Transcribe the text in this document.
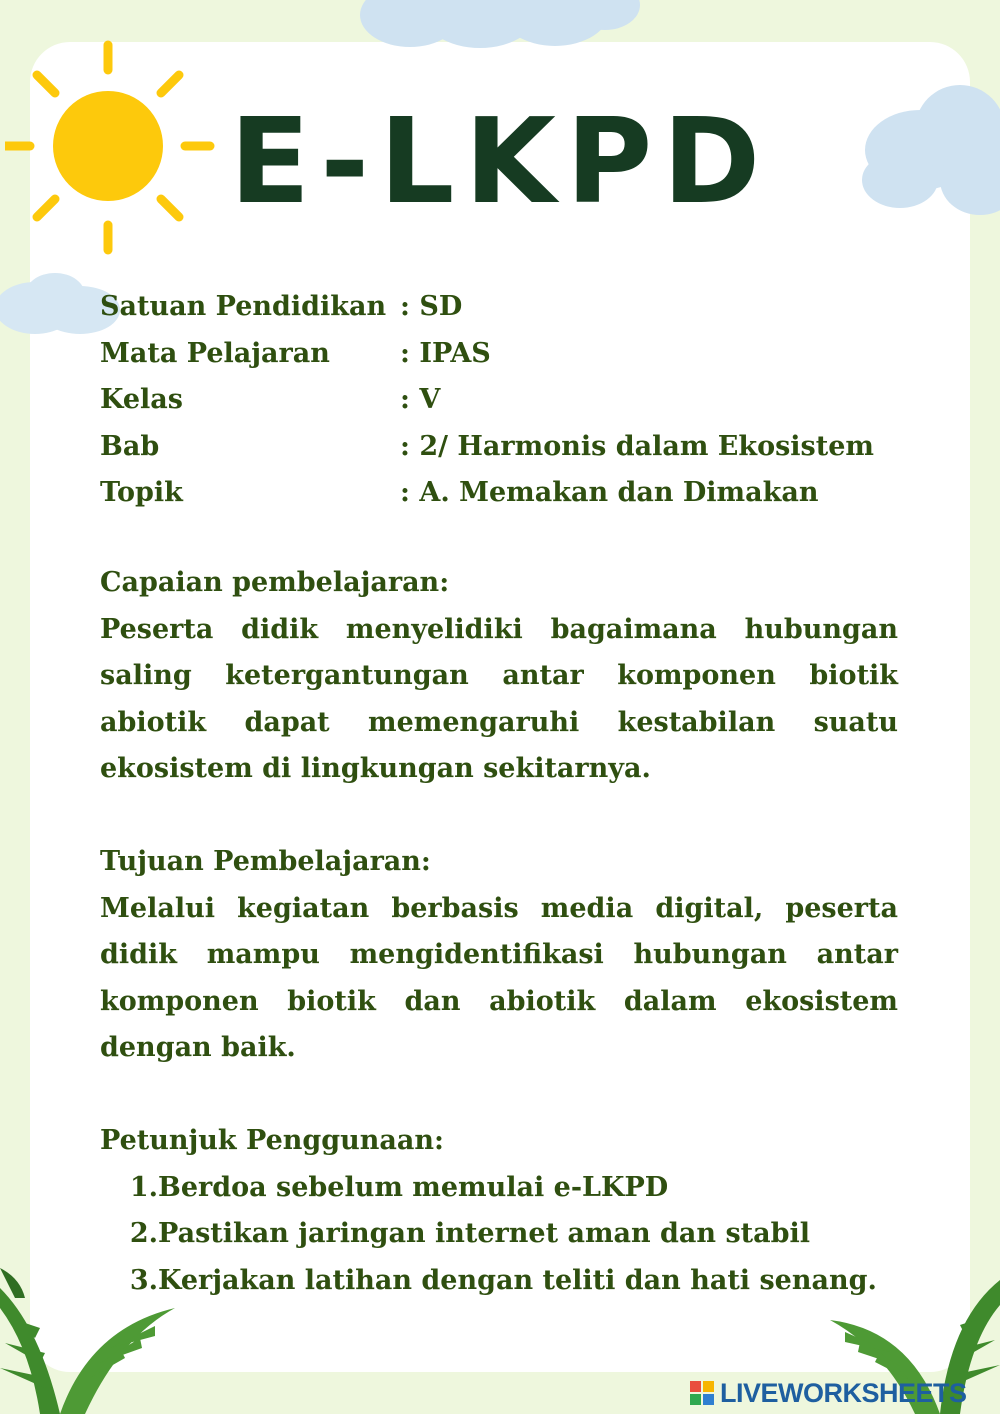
E-LKPD
Satuan Pendidikan : SD
Mata Pelajaran	: IPAS
Kelas	: V
Bab	: 2/ Harmonis dalam Ekosistem
Topik	: A. Memakan dan Dimakan
Capaian pembelajaran:
Peserta didik menyelidiki bagaimana hubungan saling ketergantungan antar komponen biotik abiotik dapat memengaruhi kestabilan suatu ekosistem di lingkungan sekitarnya.
Tujuan Pembelajaran:
Melalui kegiatan berbasis media digital, peserta didik mampu mengidentifikasi hubungan antar komponen biotik dan abiotik dalam ekosistem dengan baik.
Petunjuk Penggunaan:
1.Berdoa sebelum memulai e-LKPD
2.Pastikan jaringan internet aman dan stabil
3.Kerjakan latihan dengan teliti dan hati senang.
LIVEWORKSHEETS
